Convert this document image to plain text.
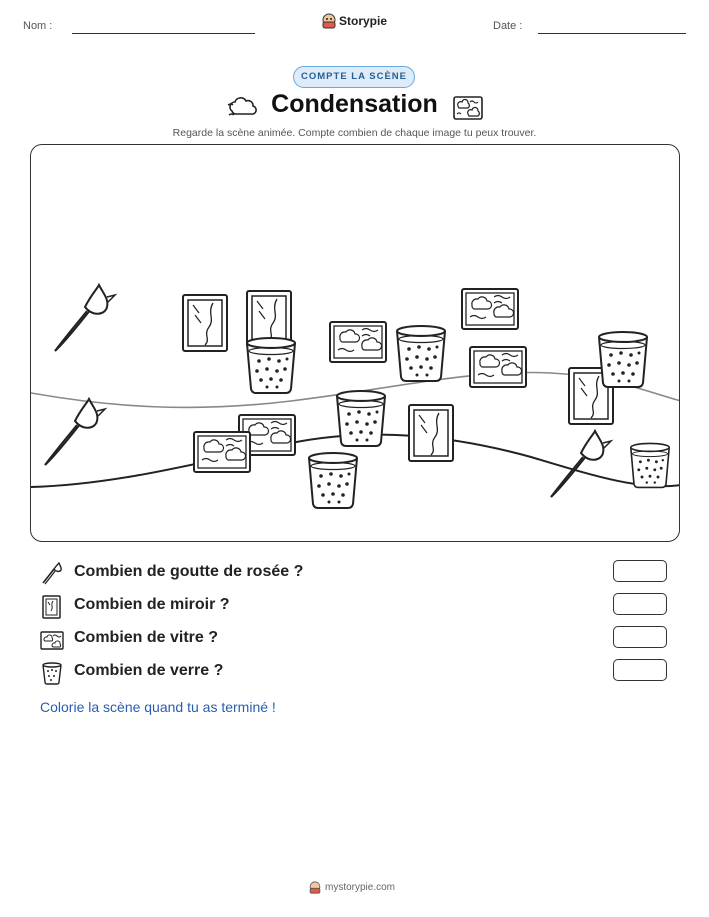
Nom :	Storypie	Date :
COMPTE LA SCÈNE
Condensation
Regarde la scène animée. Compte combien de chaque image tu peux trouver.
Combien de goutte de rosée ?
Combien de miroir ?
Combien de vitre ?
Combien de verre ?
Colorie la scène quand tu as terminé !
mystorypie.com
